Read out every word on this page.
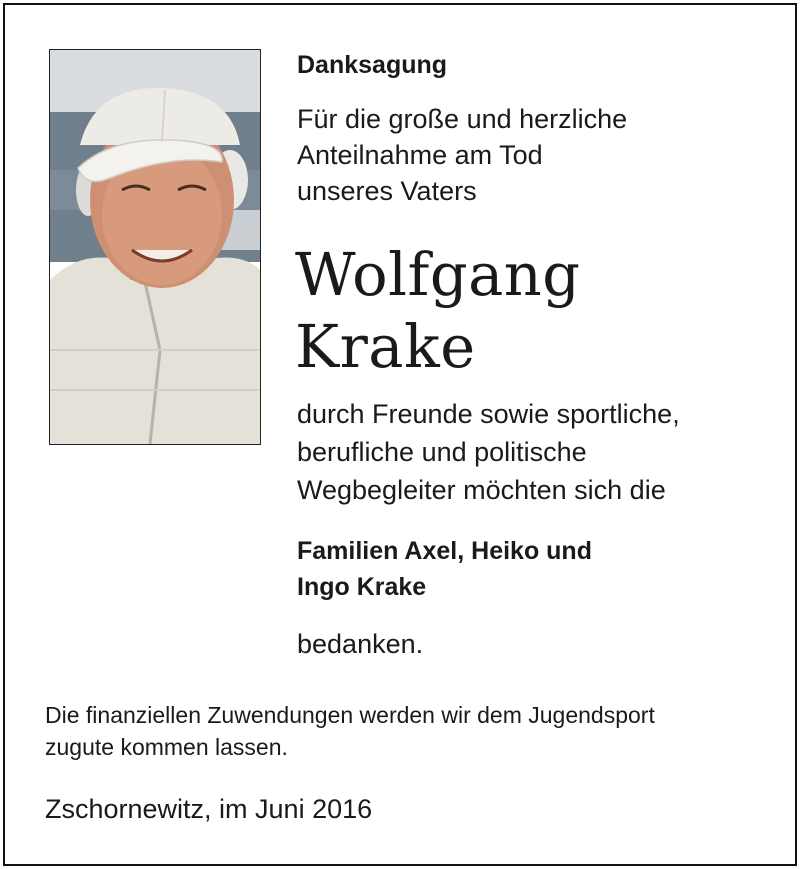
Danksagung
Für die große und herzliche
Anteilnahme am Tod
unseres Vaters
Wolfgang
Krake
durch Freunde sowie sportliche,
berufliche und politische
Wegbegleiter möchten sich die
Familien Axel, Heiko und
Ingo Krake
bedanken.
Die finanziellen Zuwendungen werden wir dem Jugendsport
zugute kommen lassen.
Zschornewitz, im Juni 2016
